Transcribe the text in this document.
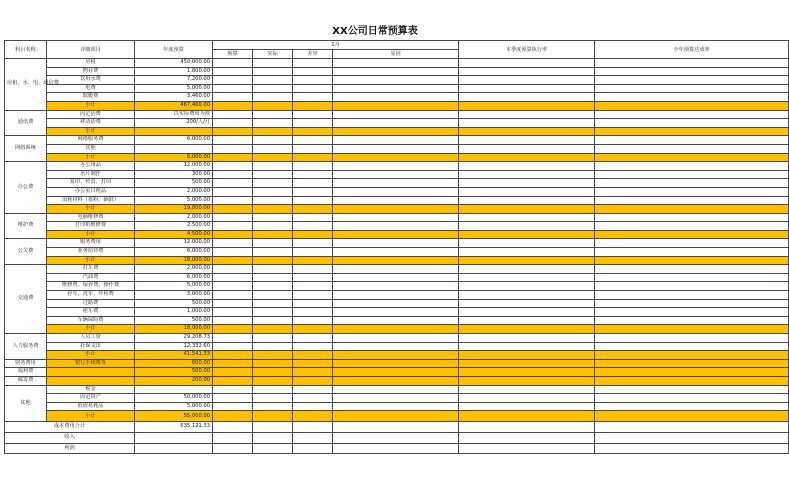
XX公司日常预算表
科目名称	详细项目	年度预算	1月				本季度预算执行率	全年预算达成率
			预算	实际	差异	原因		
房租、水、电、通信费	房租	450,000.00						
	物业费	1,800.00						
	饮用水费	7,200.00						
	电费	5,000.00						
	取暖费	3,460.00						
	小计	467,460.00						
通讯费	固定话费	以实际费用为准						
	移动话费	200/人/月						
	小计							
网络系统	网络服务费	6,000.00						
	其他							
	小计	6,000.00						
办公费	办公用品	12,000.00						
	名片制作	300.00						
	复印、传真、打印	500.00						
	办公室日耗品	2,000.00						
	消耗材料（墨粉、硒鼓）	5,000.00						
	小计	19,800.00						
维护费	电脑维修费	2,000.00						
	打印机维修费	2,500.00						
	小计	4,500.00						
公关费	服务费用	12,000.00						
	业务招待费	6,000.00						
	小计	18,000.00						
交通费	打车费	2,000.00						
	汽油费	6,000.00						
	维修费、保养费、操作费	5,000.00						
	停车、洗车、年检费	3,000.00						
	过路费	500.00						
	租车费	1,000.00						
	车辆保险费	500.00						
	小计	18,000.00						
人力服务费	人员工资	29,208.73						
	社保支出	12,332.60						
	小计	41,541.33						
财务费用	银行手续费等	600.00						
福利费		500.00						
邮寄费		200.00						
其他	税金							
	固定资产	50,000.00						
	低值易耗品	5,000.00						
	小计	55,000.00						
成本费用合计		635,121.33						
收入								
利润								
